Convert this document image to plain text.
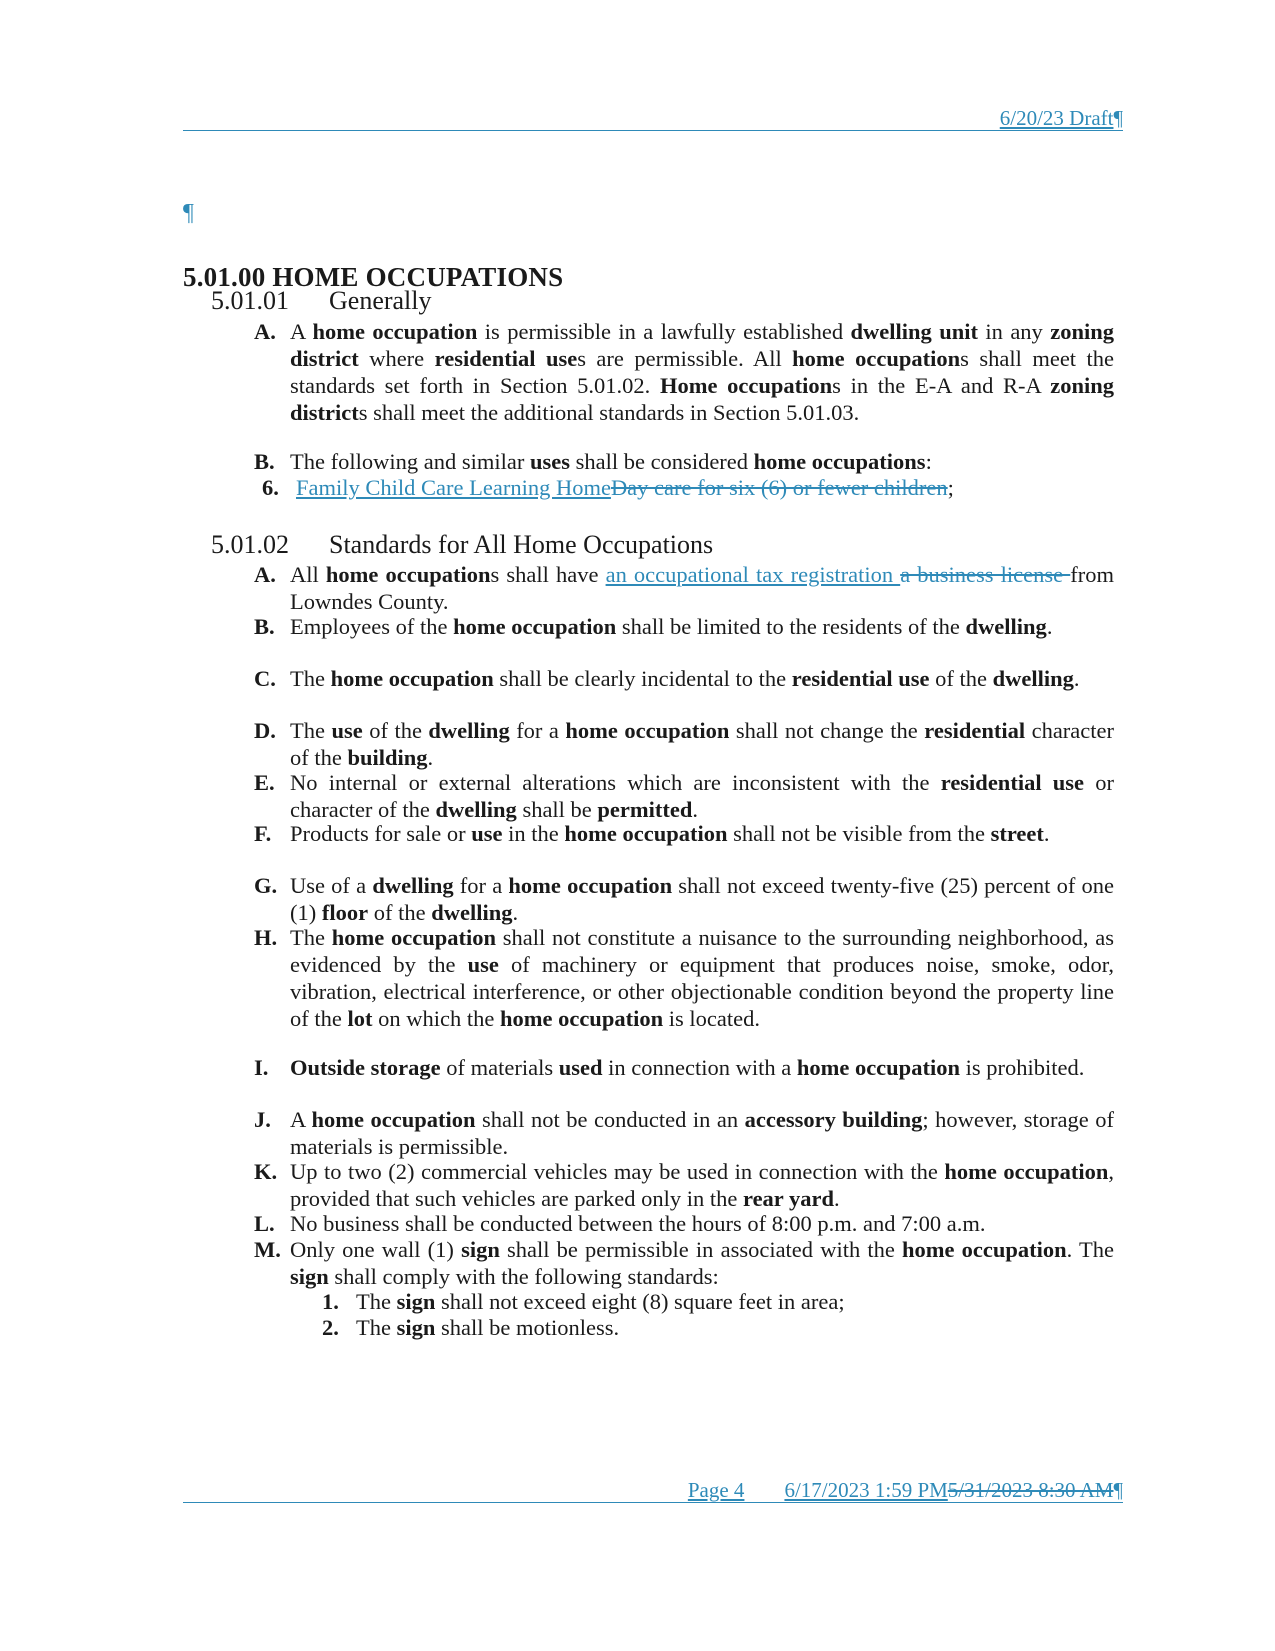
6/20/23 Draft¶
¶
5.01.00 HOME OCCUPATIONS
5.01.01 Generally
A. A home occupation is permissible in a lawfully established dwelling unit in any zoning district where residential uses are permissible. All home occupations shall meet the standards set forth in Section 5.01.02. Home occupations in the E-A and R-A zoning districts shall meet the additional standards in Section 5.01.03.
B. The following and similar uses shall be considered home occupations:
6. Family Child Care Learning HomeDay care for six (6) or fewer children;
5.01.02 Standards for All Home Occupations
A. All home occupations shall have an occupational tax registration a business license from Lowndes County.
B. Employees of the home occupation shall be limited to the residents of the dwelling.
C. The home occupation shall be clearly incidental to the residential use of the dwelling.
D. The use of the dwelling for a home occupation shall not change the residential character of the building.
E. No internal or external alterations which are inconsistent with the residential use or character of the dwelling shall be permitted.
F. Products for sale or use in the home occupation shall not be visible from the street.
G. Use of a dwelling for a home occupation shall not exceed twenty-five (25) percent of one (1) floor of the dwelling.
H. The home occupation shall not constitute a nuisance to the surrounding neighborhood, as evidenced by the use of machinery or equipment that produces noise, smoke, odor, vibration, electrical interference, or other objectionable condition beyond the property line of the lot on which the home occupation is located.
I. Outside storage of materials used in connection with a home occupation is prohibited.
J. A home occupation shall not be conducted in an accessory building; however, storage of materials is permissible.
K. Up to two (2) commercial vehicles may be used in connection with the home occupation, provided that such vehicles are parked only in the rear yard.
L. No business shall be conducted between the hours of 8:00 p.m. and 7:00 a.m.
M. Only one wall (1) sign shall be permissible in associated with the home occupation. The sign shall comply with the following standards:
1. The sign shall not exceed eight (8) square feet in area;
2. The sign shall be motionless.
Page 4 6/17/2023 1:59 PM5/31/2023 8:30 AM¶
